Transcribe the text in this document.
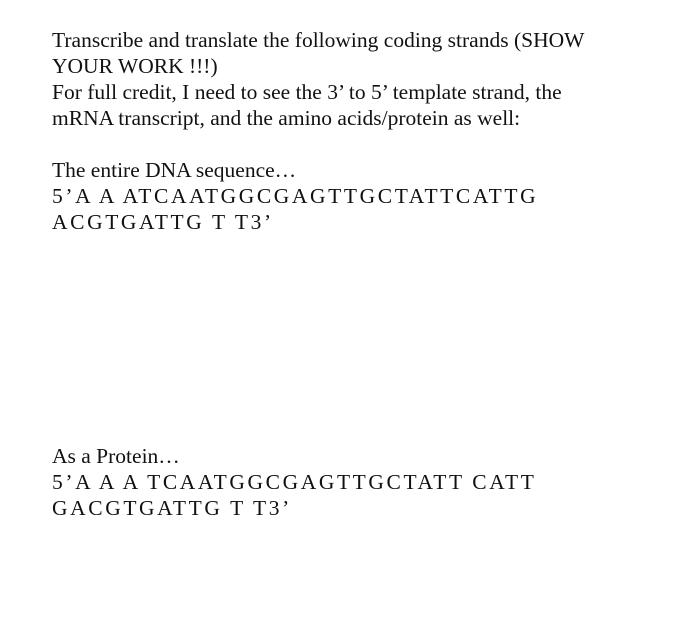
Transcribe and translate the following coding strands (SHOW
YOUR WORK !!!)
For full credit, I need to see the 3’ to 5’ template strand, the
mRNA transcript, and the amino acids/protein as well:
The entire DNA sequence…
5’A A ATCAATGGCGAGTTGCTATTCATTG
ACGTGATTG T T3’
As a Protein…
5’A A A TCAATGGCGAGTTGCTATT CATT
GACGTGATTG T T3’
